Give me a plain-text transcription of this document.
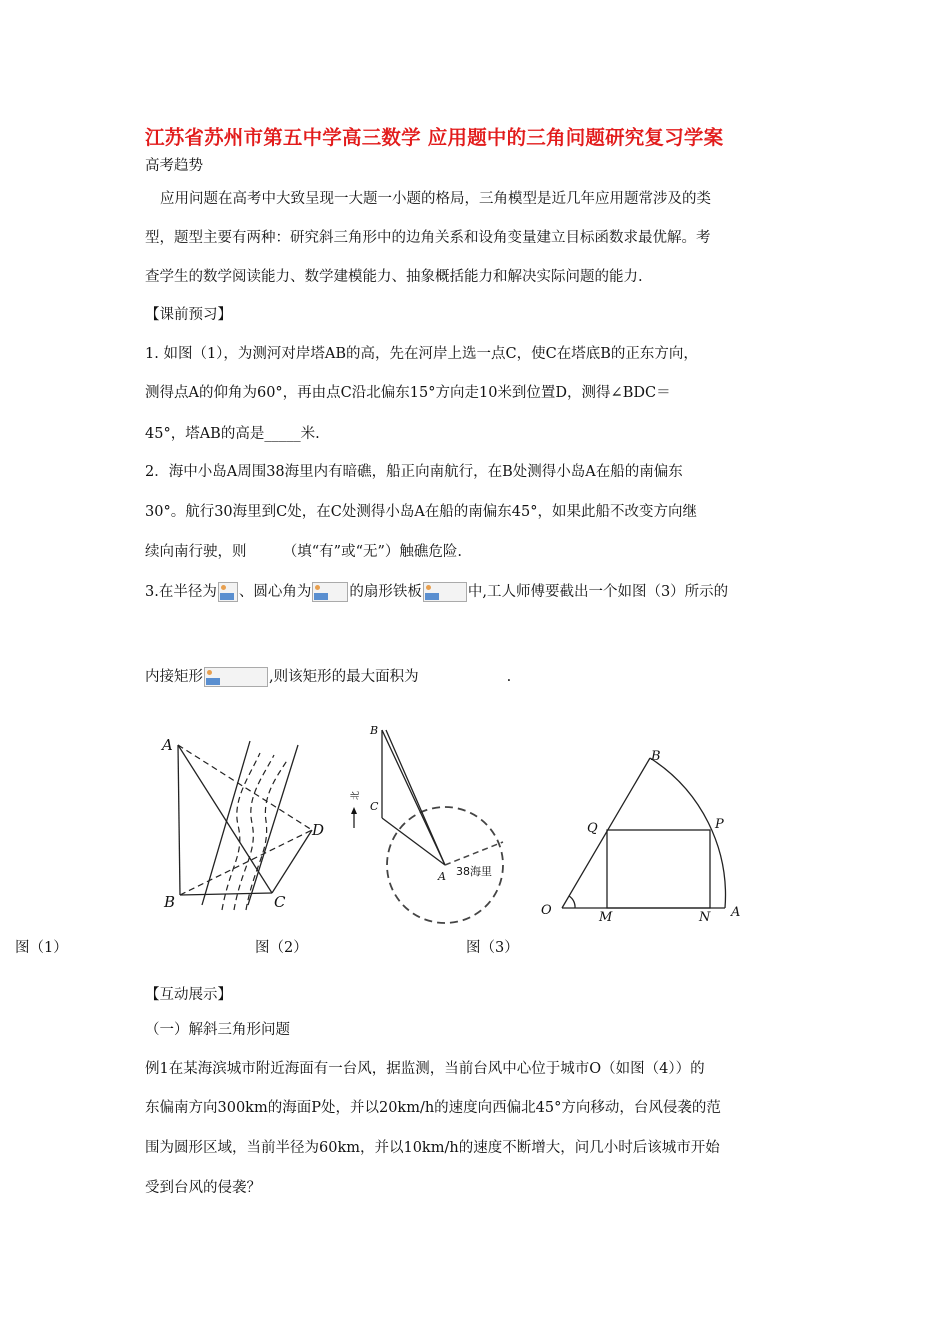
江苏省苏州市第五中学高三数学 应用题中的三角问题研究复习学案
高考趋势
应用问题在高考中大致呈现一大题一小题的格局，三角模型是近几年应用题常涉及的类
型，题型主要有两种：研究斜三角形中的边角关系和设角变量建立目标函数求最优解。考
查学生的数学阅读能力、数学建模能力、抽象概括能力和解决实际问题的能力.
【课前预习】
1. 如图（1），为测河对岸塔AB的高，先在河岸上选一点C，使C在塔底B的正东方向，
测得点A的仰角为60°，再由点C沿北偏东15°方向走10米到位置D，测得∠BDC＝
45°，塔AB的高是_____米.
2．海中小岛A周围38海里内有暗礁，船正向南航行，在B处测得小岛A在船的南偏东
30°。航行30海里到C处，在C处测得小岛A在船的南偏东45°，如果此船不改变方向继
续向南行驶，则　　　（填“有”或“无”）触礁危险.
3.在半径为 、圆心角为	的扇形铁板	中,工人师傅要截出一个如图（3）所示的
内接矩形	,则该矩形的最大面积为	.
A
B	C
D
北
B
C
A 38海里
B
Q	P
O	M	N A
图（1）	图（2）	图（3）
【互动展示】
（一）解斜三角形问题
例1在某海滨城市附近海面有一台风，据监测，当前台风中心位于城市O（如图（4））的
东偏南方向300km的海面P处，并以20km/h的速度向西偏北45°方向移动，台风侵袭的范
围为圆形区域，当前半径为60km，并以10km/h的速度不断增大，问几小时后该城市开始
受到台风的侵袭？
